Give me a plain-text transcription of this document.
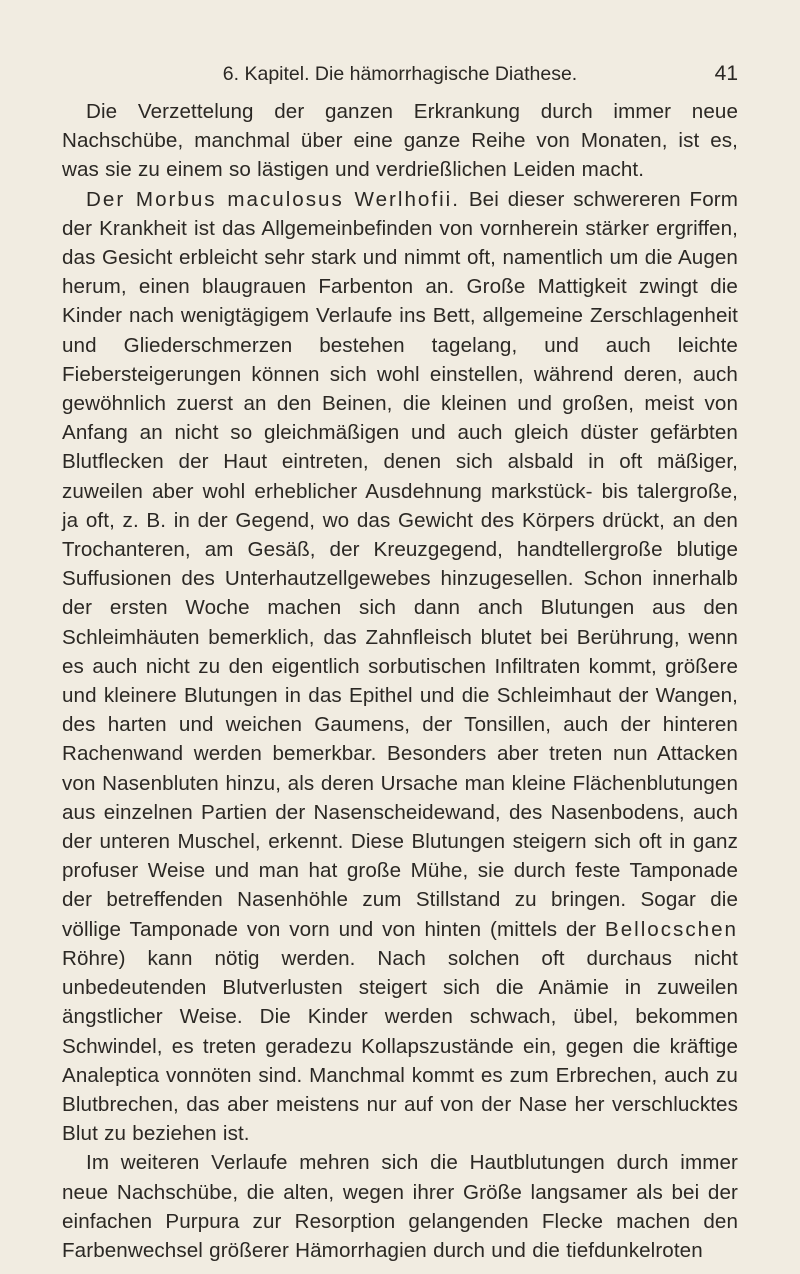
6. Kapitel. Die hämorrhagische Diathese.	41

Die Verzettelung der ganzen Erkrankung durch immer neue Nachschübe, manchmal über eine ganze Reihe von Monaten, ist es, was sie zu einem so lästigen und verdrießlichen Leiden macht.

Der Morbus maculosus Werlhofii. Bei dieser schwereren Form der Krankheit ist das Allgemeinbefinden von vornherein stärker ergriffen, das Gesicht erbleicht sehr stark und nimmt oft, namentlich um die Augen herum, einen blaugrauen Farbenton an. Große Mattigkeit zwingt die Kinder nach wenigtägigem Verlaufe ins Bett, allgemeine Zerschlagenheit und Gliederschmerzen bestehen tagelang, und auch leichte Fiebersteigerungen können sich wohl einstellen, während deren, auch gewöhnlich zuerst an den Beinen, die kleinen und großen, meist von Anfang an nicht so gleichmäßigen und auch gleich düster gefärbten Blutflecken der Haut eintreten, denen sich alsbald in oft mäßiger, zuweilen aber wohl erheblicher Ausdehnung markstück- bis talergroße, ja oft, z. B. in der Gegend, wo das Gewicht des Körpers drückt, an den Trochanteren, am Gesäß, der Kreuzgegend, handtellergroße blutige Suffusionen des Unterhautzellgewebes hinzugesellen. Schon innerhalb der ersten Woche machen sich dann anch Blutungen aus den Schleimhäuten bemerklich, das Zahnfleisch blutet bei Berührung, wenn es auch nicht zu den eigentlich sorbutischen Infiltraten kommt, größere und kleinere Blutungen in das Epithel und die Schleimhaut der Wangen, des harten und weichen Gaumens, der Tonsillen, auch der hinteren Rachenwand werden bemerkbar. Besonders aber treten nun Attacken von Nasenbluten hinzu, als deren Ursache man kleine Flächenblutungen aus einzelnen Partien der Nasenscheidewand, des Nasenbodens, auch der unteren Muschel, erkennt. Diese Blutungen steigern sich oft in ganz profuser Weise und man hat große Mühe, sie durch feste Tamponade der betreffenden Nasenhöhle zum Stillstand zu bringen. Sogar die völlige Tamponade von vorn und von hinten (mittels der Bellocschen Röhre) kann nötig werden. Nach solchen oft durchaus nicht unbedeutenden Blutverlusten steigert sich die Anämie in zuweilen ängstlicher Weise. Die Kinder werden schwach, übel, bekommen Schwindel, es treten geradezu Kollapszustände ein, gegen die kräftige Analeptica vonnöten sind. Manchmal kommt es zum Erbrechen, auch zu Blutbrechen, das aber meistens nur auf von der Nase her verschlucktes Blut zu beziehen ist.

Im weiteren Verlaufe mehren sich die Hautblutungen durch immer neue Nachschübe, die alten, wegen ihrer Größe langsamer als bei der einfachen Purpura zur Resorption gelangenden Flecke machen den Farbenwechsel größerer Hämorrhagien durch und die tiefdunkelroten
